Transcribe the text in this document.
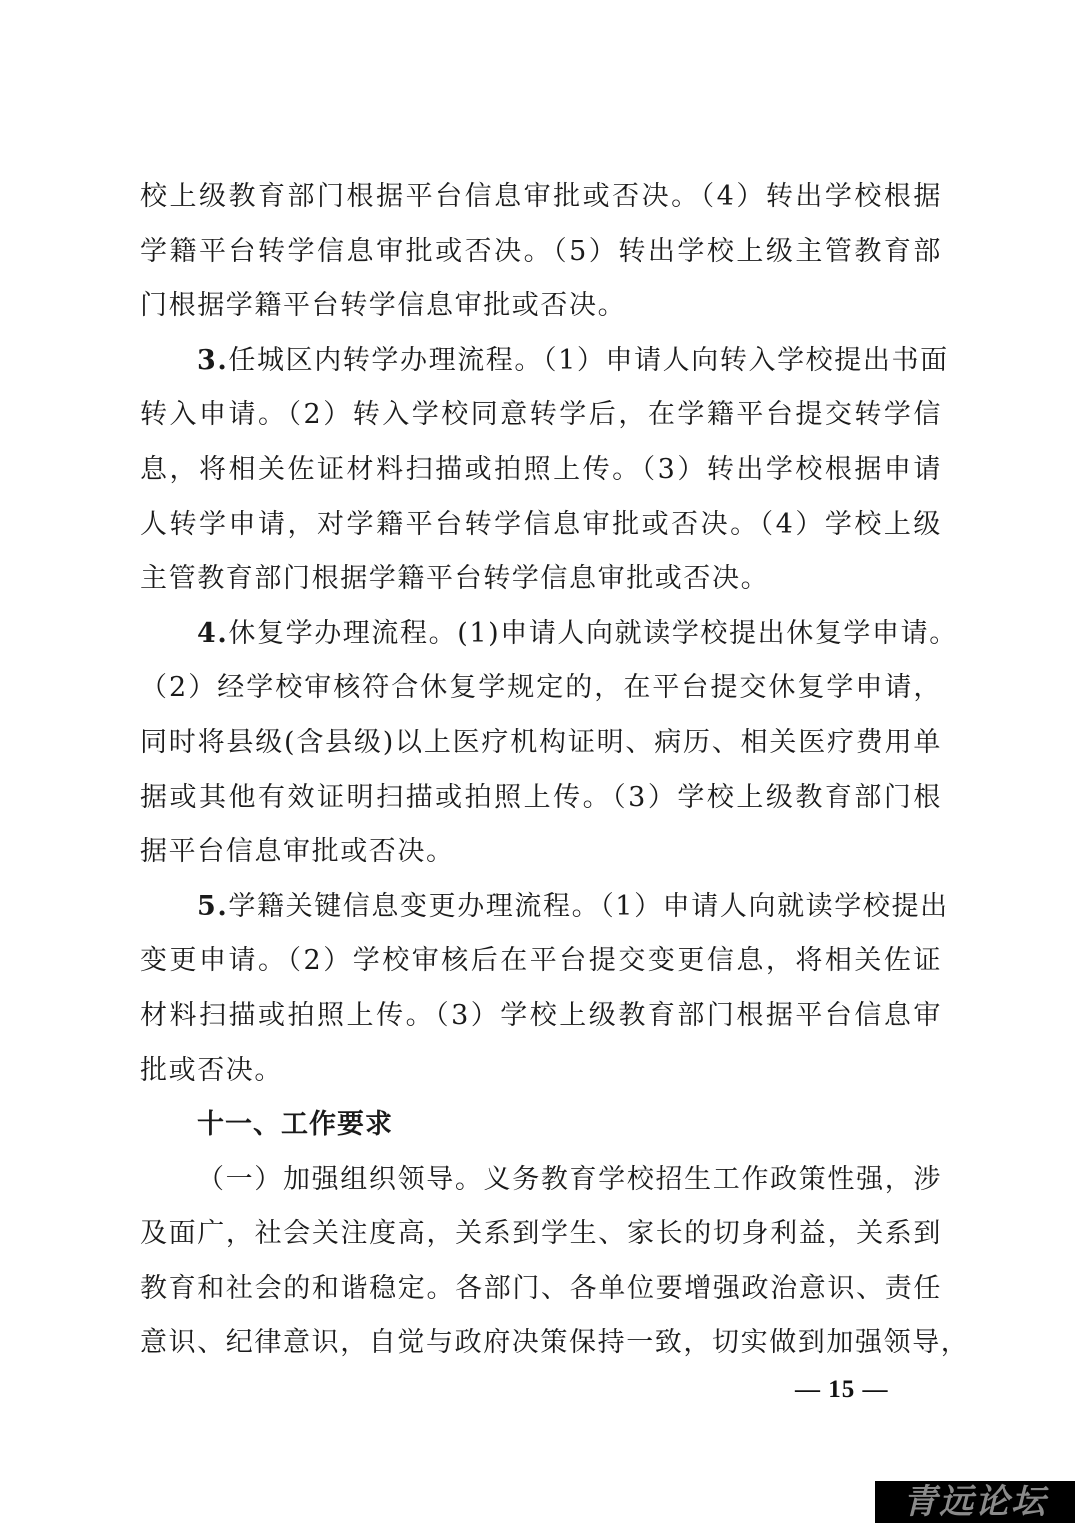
校上级教育部门根据平台信息审批或否决。（4）转出学校根据
学籍平台转学信息审批或否决。（5）转出学校上级主管教育部
门根据学籍平台转学信息审批或否决。
3.任城区内转学办理流程。（1）申请人向转入学校提出书面
转入申请。（2）转入学校同意转学后，在学籍平台提交转学信
息，将相关佐证材料扫描或拍照上传。（3）转出学校根据申请
人转学申请，对学籍平台转学信息审批或否决。（4）学校上级
主管教育部门根据学籍平台转学信息审批或否决。
4.休复学办理流程。(1)申请人向就读学校提出休复学申请。
（2）经学校审核符合休复学规定的，在平台提交休复学申请，
同时将县级(含县级)以上医疗机构证明、病历、相关医疗费用单
据或其他有效证明扫描或拍照上传。（3）学校上级教育部门根
据平台信息审批或否决。
5.学籍关键信息变更办理流程。（1）申请人向就读学校提出
变更申请。（2）学校审核后在平台提交变更信息，将相关佐证
材料扫描或拍照上传。（3）学校上级教育部门根据平台信息审
批或否决。
十一、工作要求
（一）加强组织领导。义务教育学校招生工作政策性强，涉
及面广，社会关注度高，关系到学生、家长的切身利益，关系到
教育和社会的和谐稳定。各部门、各单位要增强政治意识、责任
意识、纪律意识，自觉与政府决策保持一致，切实做到加强领导，
— 15 —
青远论坛
